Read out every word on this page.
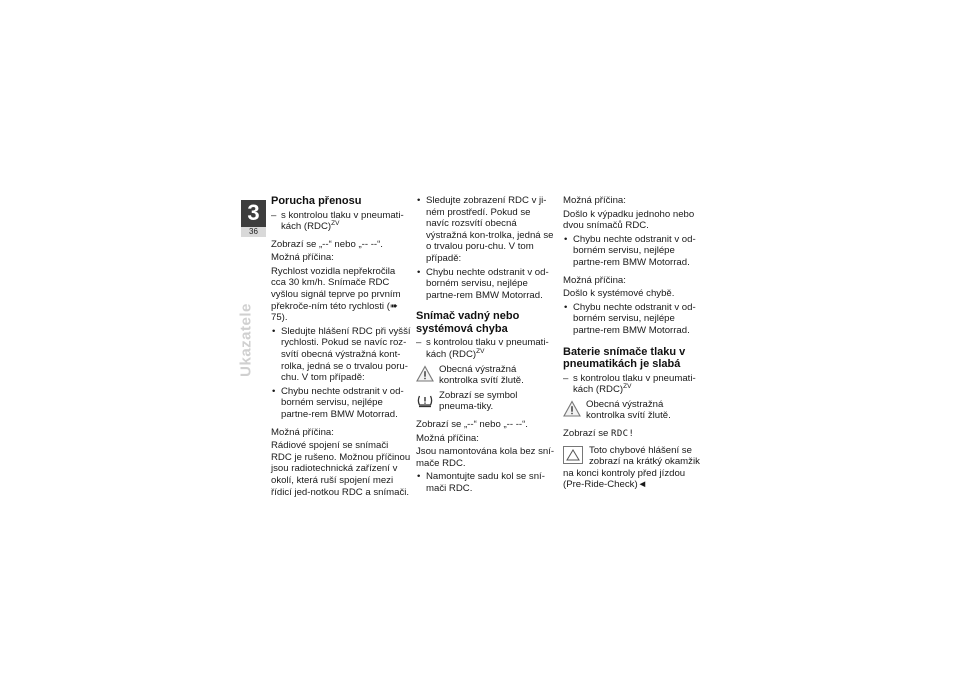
3
36
Ukazatele
Porucha přenosu
– s kontrolou tlaku v pneumati-kách (RDC)$^{ZV}$

Zobrazí se „--“ nebo „-- --“.

Možná příčina:

Rychlost vozidla nepřekročila cca 30 km/h. Snímače RDC vyšlou signál teprve po prvním překroče-ním této rychlosti (➠ 75).

• Sledujte hlášení RDC při vyšší rychlosti. Pokud se navíc roz-svítí obecná výstražná kont-rolka, jedná se o trvalou poru-chu. V tom případě:
• Chybu nechte odstranit v od-borném servisu, nejlépe partne-rem BMW Motorrad.

Možná příčina:

Rádiové spojení se snímači RDC je rušeno. Možnou příčinou jsou radiotechnická zařízení v okolí, která ruší spojení mezi řídicí jed-notkou RDC a snímači.

• Sledujte zobrazení RDC v ji-ném prostředí. Pokud se navíc rozsvítí obecná výstražná kon-trolka, jedná se o trvalou poru-chu. V tom případě:
• Chybu nechte odstranit v od-borném servisu, nejlépe partne-rem BMW Motorrad.
Snímač vadný nebo systémová chyba
– s kontrolou tlaku v pneumati-kách (RDC)$^{ZV}$
Obecná výstražná kontrolka svítí žlutě.
Zobrazí se symbol pneuma-tiky.

Zobrazí se „--“ nebo „-- --“.

Možná příčina:

Jsou namontována kola bez sní-mače RDC.

• Namontujte sadu kol se sní-mači RDC.

Možná příčina:

Došlo k výpadku jednoho nebo dvou snímačů RDC.

• Chybu nechte odstranit v od-borném servisu, nejlépe partne-rem BMW Motorrad.

Možná příčina:

Došlo k systémové chybě.

• Chybu nechte odstranit v od-borném servisu, nejlépe partne-rem BMW Motorrad.
Baterie snímače tlaku v pneumatikách je slabá
– s kontrolou tlaku v pneumati-kách (RDC)$^{ZV}$
Obecná výstražná kontrolka svítí žlutě.

Zobrazí se RDC!

Toto chybové hlášení se zobrazí na krátký okamžik na konci kontroly před jízdou (Pre-Ride-Check)◄
